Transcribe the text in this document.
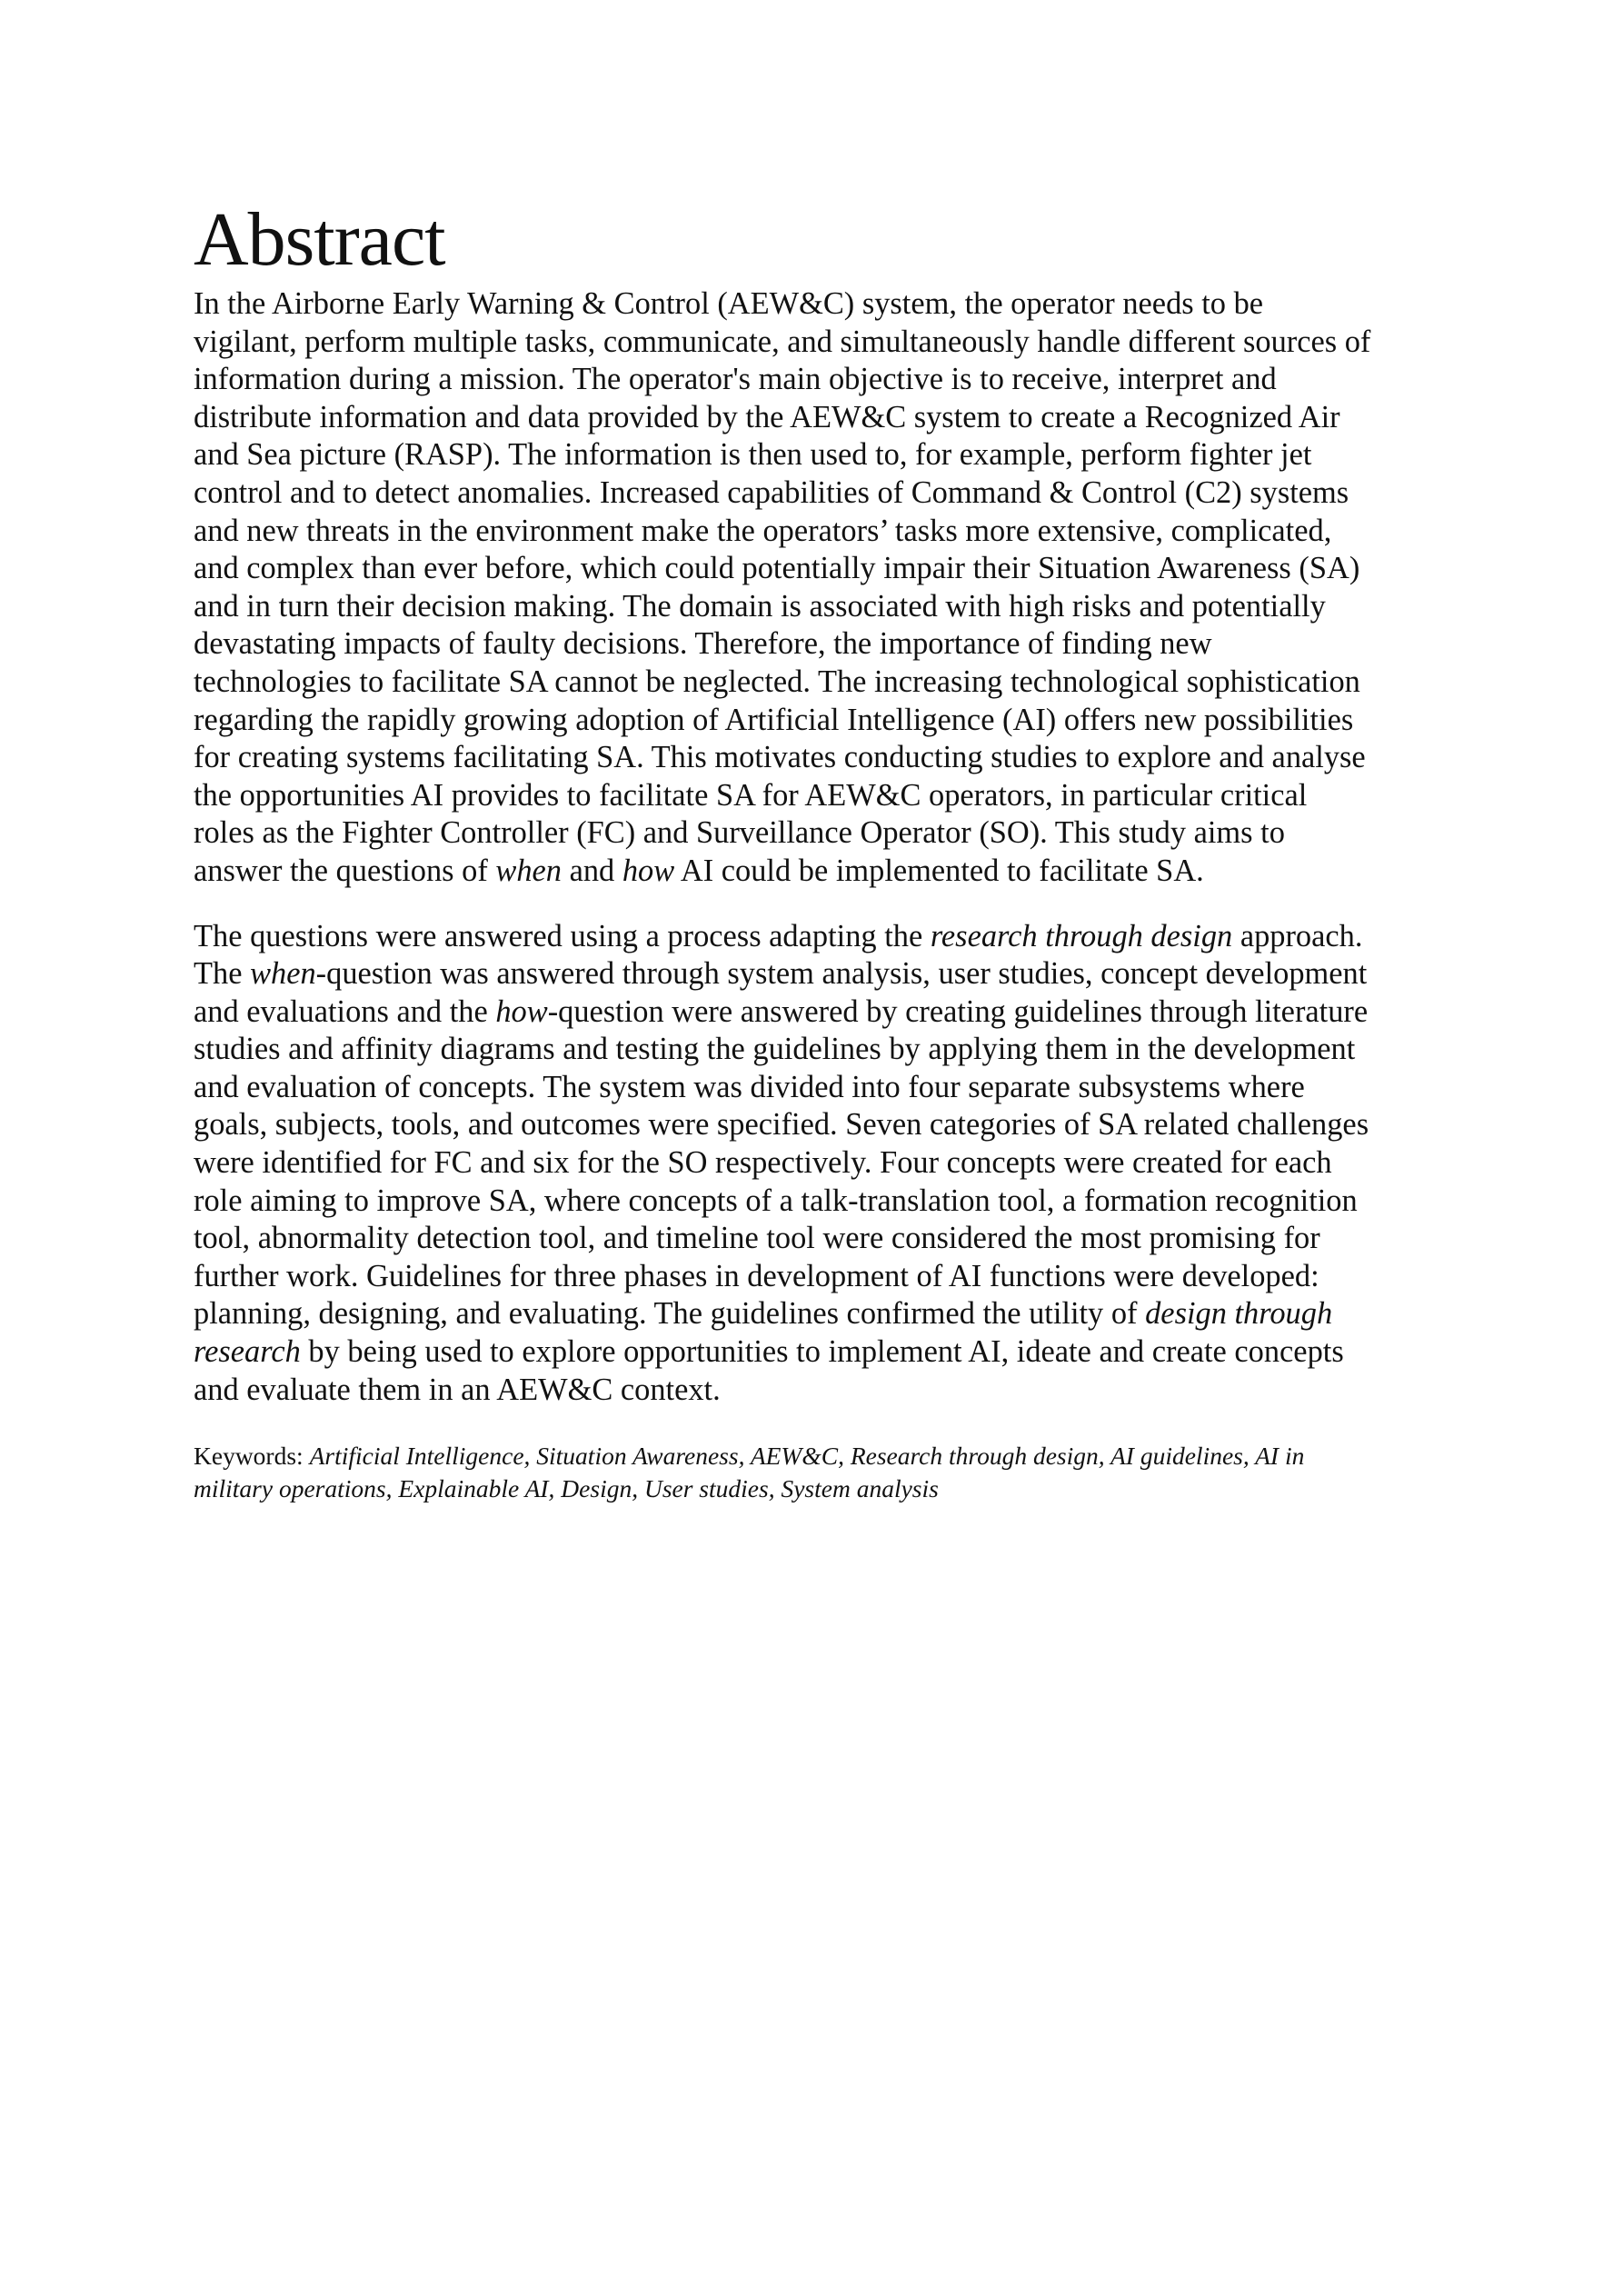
Abstract

In the Airborne Early Warning & Control (AEW&C) system, the operator needs to be
vigilant, perform multiple tasks, communicate, and simultaneously handle different sources of
information during a mission. The operator's main objective is to receive, interpret and
distribute information and data provided by the AEW&C system to create a Recognized Air
and Sea picture (RASP). The information is then used to, for example, perform fighter jet
control and to detect anomalies. Increased capabilities of Command & Control (C2) systems
and new threats in the environment make the operators’ tasks more extensive, complicated,
and complex than ever before, which could potentially impair their Situation Awareness (SA)
and in turn their decision making. The domain is associated with high risks and potentially
devastating impacts of faulty decisions. Therefore, the importance of finding new
technologies to facilitate SA cannot be neglected. The increasing technological sophistication
regarding the rapidly growing adoption of Artificial Intelligence (AI) offers new possibilities
for creating systems facilitating SA. This motivates conducting studies to explore and analyse
the opportunities AI provides to facilitate SA for AEW&C operators, in particular critical
roles as the Fighter Controller (FC) and Surveillance Operator (SO). This study aims to
answer the questions of when and how AI could be implemented to facilitate SA.

The questions were answered using a process adapting the research through design approach.
The when-question was answered through system analysis, user studies, concept development
and evaluations and the how-question were answered by creating guidelines through literature
studies and affinity diagrams and testing the guidelines by applying them in the development
and evaluation of concepts. The system was divided into four separate subsystems where
goals, subjects, tools, and outcomes were specified. Seven categories of SA related challenges
were identified for FC and six for the SO respectively. Four concepts were created for each
role aiming to improve SA, where concepts of a talk-translation tool, a formation recognition
tool, abnormality detection tool, and timeline tool were considered the most promising for
further work. Guidelines for three phases in development of AI functions were developed:
planning, designing, and evaluating. The guidelines confirmed the utility of design through
research by being used to explore opportunities to implement AI, ideate and create concepts
and evaluate them in an AEW&C context.

Keywords: Artificial Intelligence, Situation Awareness, AEW&C, Research through design, AI guidelines, AI in
military operations, Explainable AI, Design, User studies, System analysis
